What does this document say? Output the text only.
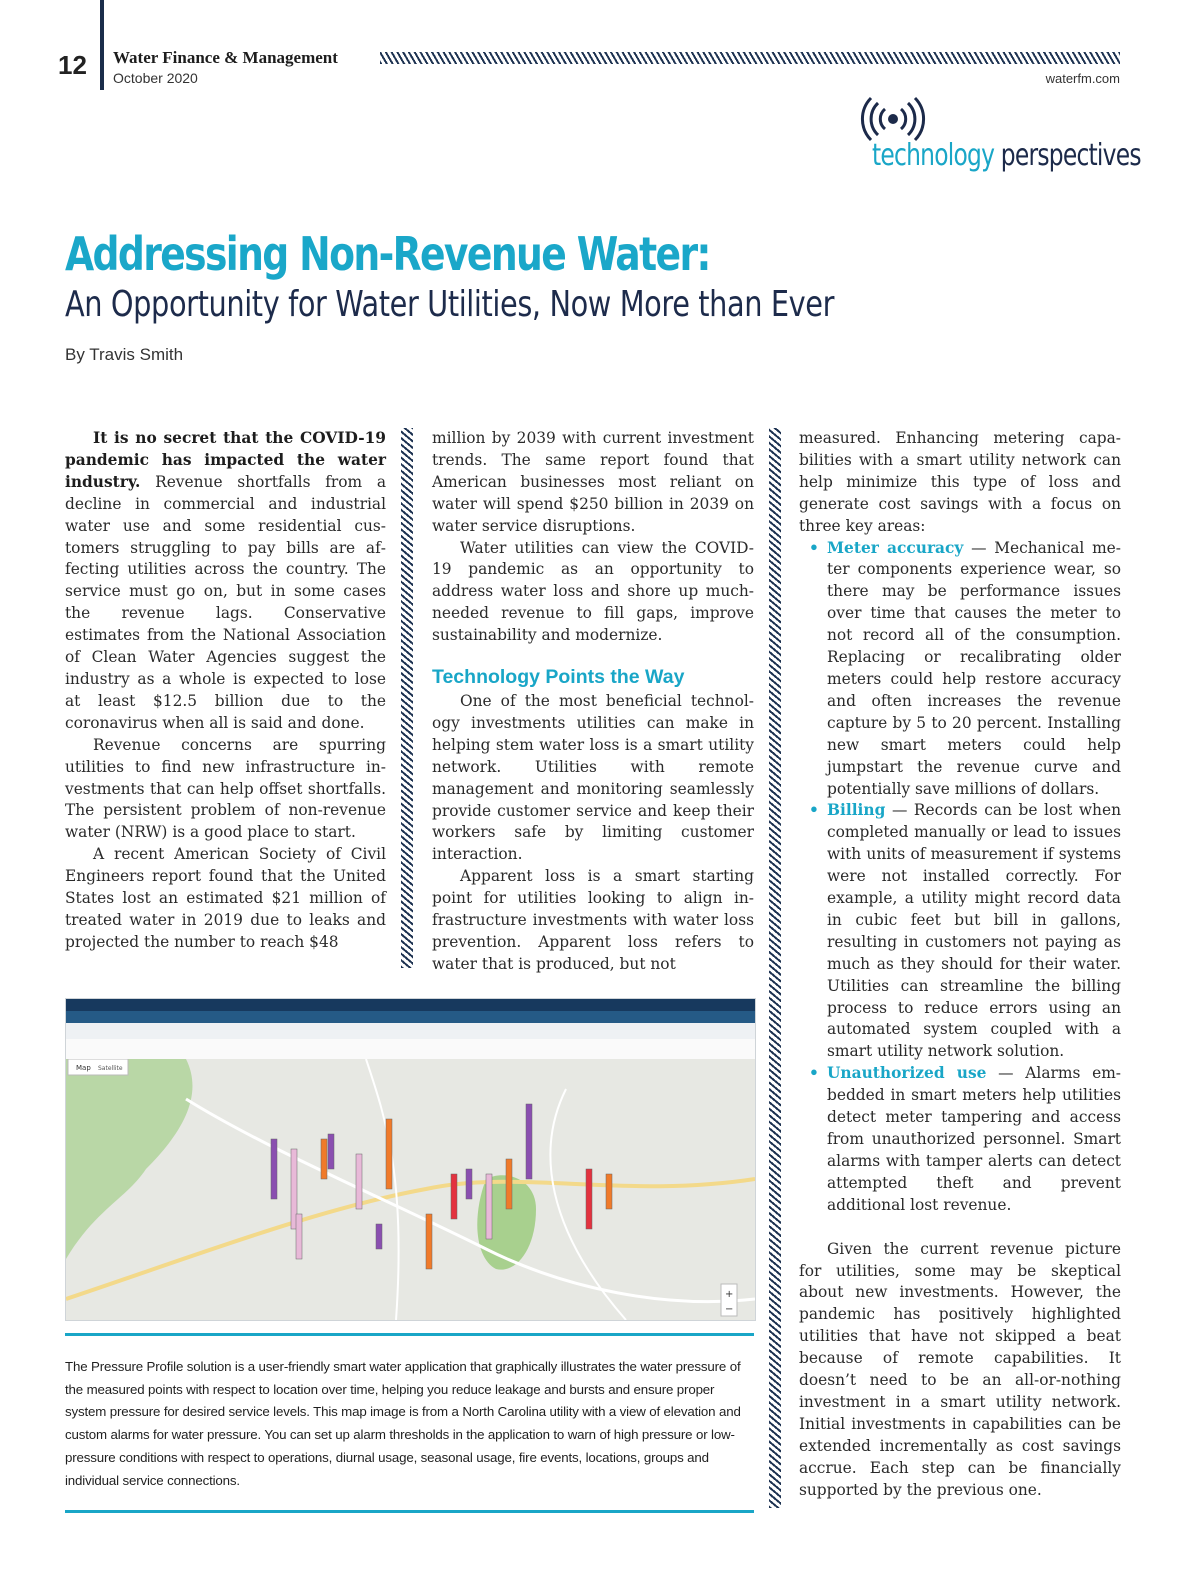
12 Water Finance & Management
October 2020	waterfm.com
technology perspectives
Addressing Non-Revenue Water:
An Opportunity for Water Utilities, Now More than Ever
By Travis Smith

It is no secret that the COVID-19 pandemic has impacted the water industry. Revenue shortfalls from a decline in commercial and industrial water use and some residential customers struggling to pay bills are affecting utilities across the country. The service must go on, but in some cases the revenue lags. Conservative estimates from the National Association of Clean Water Agencies suggest the industry as a whole is expected to lose at least $12.5 billion due to the coronavirus when all is said and done.

Revenue concerns are spurring utilities to find new infrastructure investments that can help offset shortfalls. The persistent problem of non-revenue water (NRW) is a good place to start.

A recent American Society of Civil Engineers report found that the United States lost an estimated $21 million of treated water in 2019 due to leaks and projected the number to reach $48

million by 2039 with current investment trends. The same report found that American businesses most reliant on water will spend $250 billion in 2039 on water service disruptions.

Water utilities can view the COVID-19 pandemic as an opportunity to address water loss and shore up much-needed revenue to fill gaps, improve sustainability and modernize.

Technology Points the Way

One of the most beneficial technology investments utilities can make in helping stem water loss is a smart utility network. Utilities with remote management and monitoring seamlessly provide customer service and keep their workers safe by limiting customer interaction.

Apparent loss is a smart starting point for utilities looking to align infrastructure investments with water loss prevention. Apparent loss refers to water that is produced, but not

measured. Enhancing metering capabilities with a smart utility network can help minimize this type of loss and generate cost savings with a focus on three key areas:

• Meter accuracy — Mechanical meter components experience wear, so there may be performance issues over time that causes the meter to not record all of the consumption. Replacing or recalibrating older meters could help restore accuracy and often increases the revenue capture by 5 to 20 percent. Installing new smart meters could help jumpstart the revenue curve and potentially save millions of dollars.
• Billing — Records can be lost when completed manually or lead to issues with units of measurement if systems were not installed correctly. For example, a utility might record data in cubic feet but bill in gallons, resulting in customers not paying as much as they should for their water. Utilities can streamline the billing process to reduce errors using an automated system coupled with a smart utility network solution.
• Unauthorized use — Alarms embedded in smart meters help utilities detect meter tampering and access from unauthorized personnel. Smart alarms with tamper alerts can detect attempted theft and prevent additional lost revenue.

Given the current revenue picture for utilities, some may be skeptical about new investments. However, the pandemic has positively highlighted utilities that have not skipped a beat because of remote capabilities. It doesn’t need to be an all-or-nothing investment in a smart utility network. Initial investments in capabilities can be extended incrementally as cost savings accrue. Each step can be financially supported by the previous one.

Map Satellite
+
−
The Pressure Profile solution is a user-friendly smart water application that graphically illustrates the water pressure of the measured points with respect to location over time, helping you reduce leakage and bursts and ensure proper system pressure for desired service levels. This map image is from a North Carolina utility with a view of elevation and custom alarms for water pressure. You can set up alarm thresholds in the application to warn of high pressure or low-pressure conditions with respect to operations, diurnal usage, seasonal usage, fire events, locations, groups and individual service connections.
